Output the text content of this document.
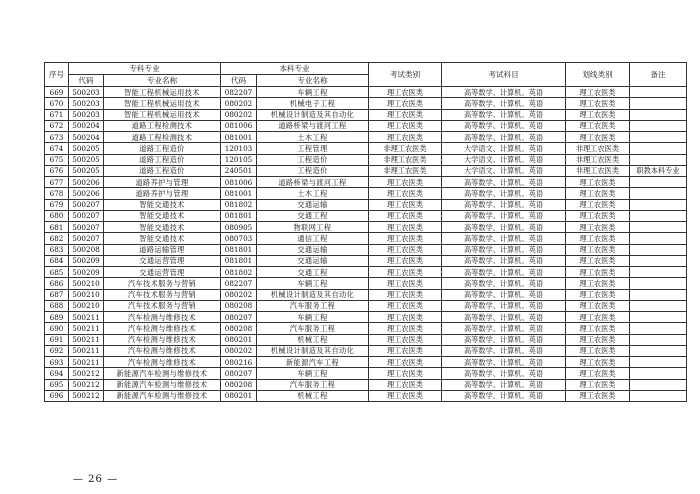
序号	专科专业		本科专业		考试类别	考试科目	划线类别	备注
	代码	专业名称	代码	专业名称				
669	500203	智能工程机械运用技术	082207	车辆工程	理工农医类	高等数学、计算机、英语	理工农医类	
670	500203	智能工程机械运用技术	080202	机械电子工程	理工农医类	高等数学、计算机、英语	理工农医类	
671	500203	智能工程机械运用技术	080202	机械设计制造及其自动化	理工农医类	高等数学、计算机、英语	理工农医类	
672	500204	道路工程检测技术	081006	道路桥梁与渡河工程	理工农医类	高等数学、计算机、英语	理工农医类	
673	500204	道路工程检测技术	081001	土木工程	理工农医类	高等数学、计算机、英语	理工农医类	
674	500205	道路工程造价	120103	工程管理	非理工农医类	大学语文、计算机、英语	非理工农医类	
675	500205	道路工程造价	120105	工程造价	非理工农医类	大学语文、计算机、英语	非理工农医类	
676	500205	道路工程造价	240501	工程造价	非理工农医类	大学语文、计算机、英语	非理工农医类	职教本科专业
677	500206	道路养护与管理	081006	道路桥梁与渡河工程	理工农医类	高等数学、计算机、英语	理工农医类	
678	500206	道路养护与管理	081001	土木工程	理工农医类	高等数学、计算机、英语	理工农医类	
679	500207	智能交通技术	081802	交通运输	理工农医类	高等数学、计算机、英语	理工农医类	
680	500207	智能交通技术	081801	交通工程	理工农医类	高等数学、计算机、英语	理工农医类	
681	500207	智能交通技术	080905	物联网工程	理工农医类	高等数学、计算机、英语	理工农医类	
682	500207	智能交通技术	080703	通信工程	理工农医类	高等数学、计算机、英语	理工农医类	
683	500208	道路运输管理	081801	交通运输	理工农医类	高等数学、计算机、英语	理工农医类	
684	500209	交通运营管理	081801	交通运输	理工农医类	高等数学、计算机、英语	理工农医类	
685	500209	交通运营管理	081802	交通工程	理工农医类	高等数学、计算机、英语	理工农医类	
686	500210	汽车技术服务与营销	082207	车辆工程	理工农医类	高等数学、计算机、英语	理工农医类	
687	500210	汽车技术服务与营销	080202	机械设计制造及其自动化	理工农医类	高等数学、计算机、英语	理工农医类	
688	500210	汽车技术服务与营销	080208	汽车服务工程	理工农医类	高等数学、计算机、英语	理工农医类	
689	500211	汽车检测与维修技术	080207	车辆工程	理工农医类	高等数学、计算机、英语	理工农医类	
690	500211	汽车检测与维修技术	080208	汽车服务工程	理工农医类	高等数学、计算机、英语	理工农医类	
691	500211	汽车检测与维修技术	080201	机械工程	理工农医类	高等数学、计算机、英语	理工农医类	
692	500211	汽车检测与维修技术	080202	机械设计制造及其自动化	理工农医类	高等数学、计算机、英语	理工农医类	
693	500211	汽车检测与维修技术	080216	新能源汽车工程	理工农医类	高等数学、计算机、英语	理工农医类	
694	500212	新能源汽车检测与维修技术	080207	车辆工程	理工农医类	高等数学、计算机、英语	理工农医类	
695	500212	新能源汽车检测与维修技术	080208	汽车服务工程	理工农医类	高等数学、计算机、英语	理工农医类	
696	500212	新能源汽车检测与维修技术	080201	机械工程	理工农医类	高等数学、计算机、英语	理工农医类	
— 26 —
